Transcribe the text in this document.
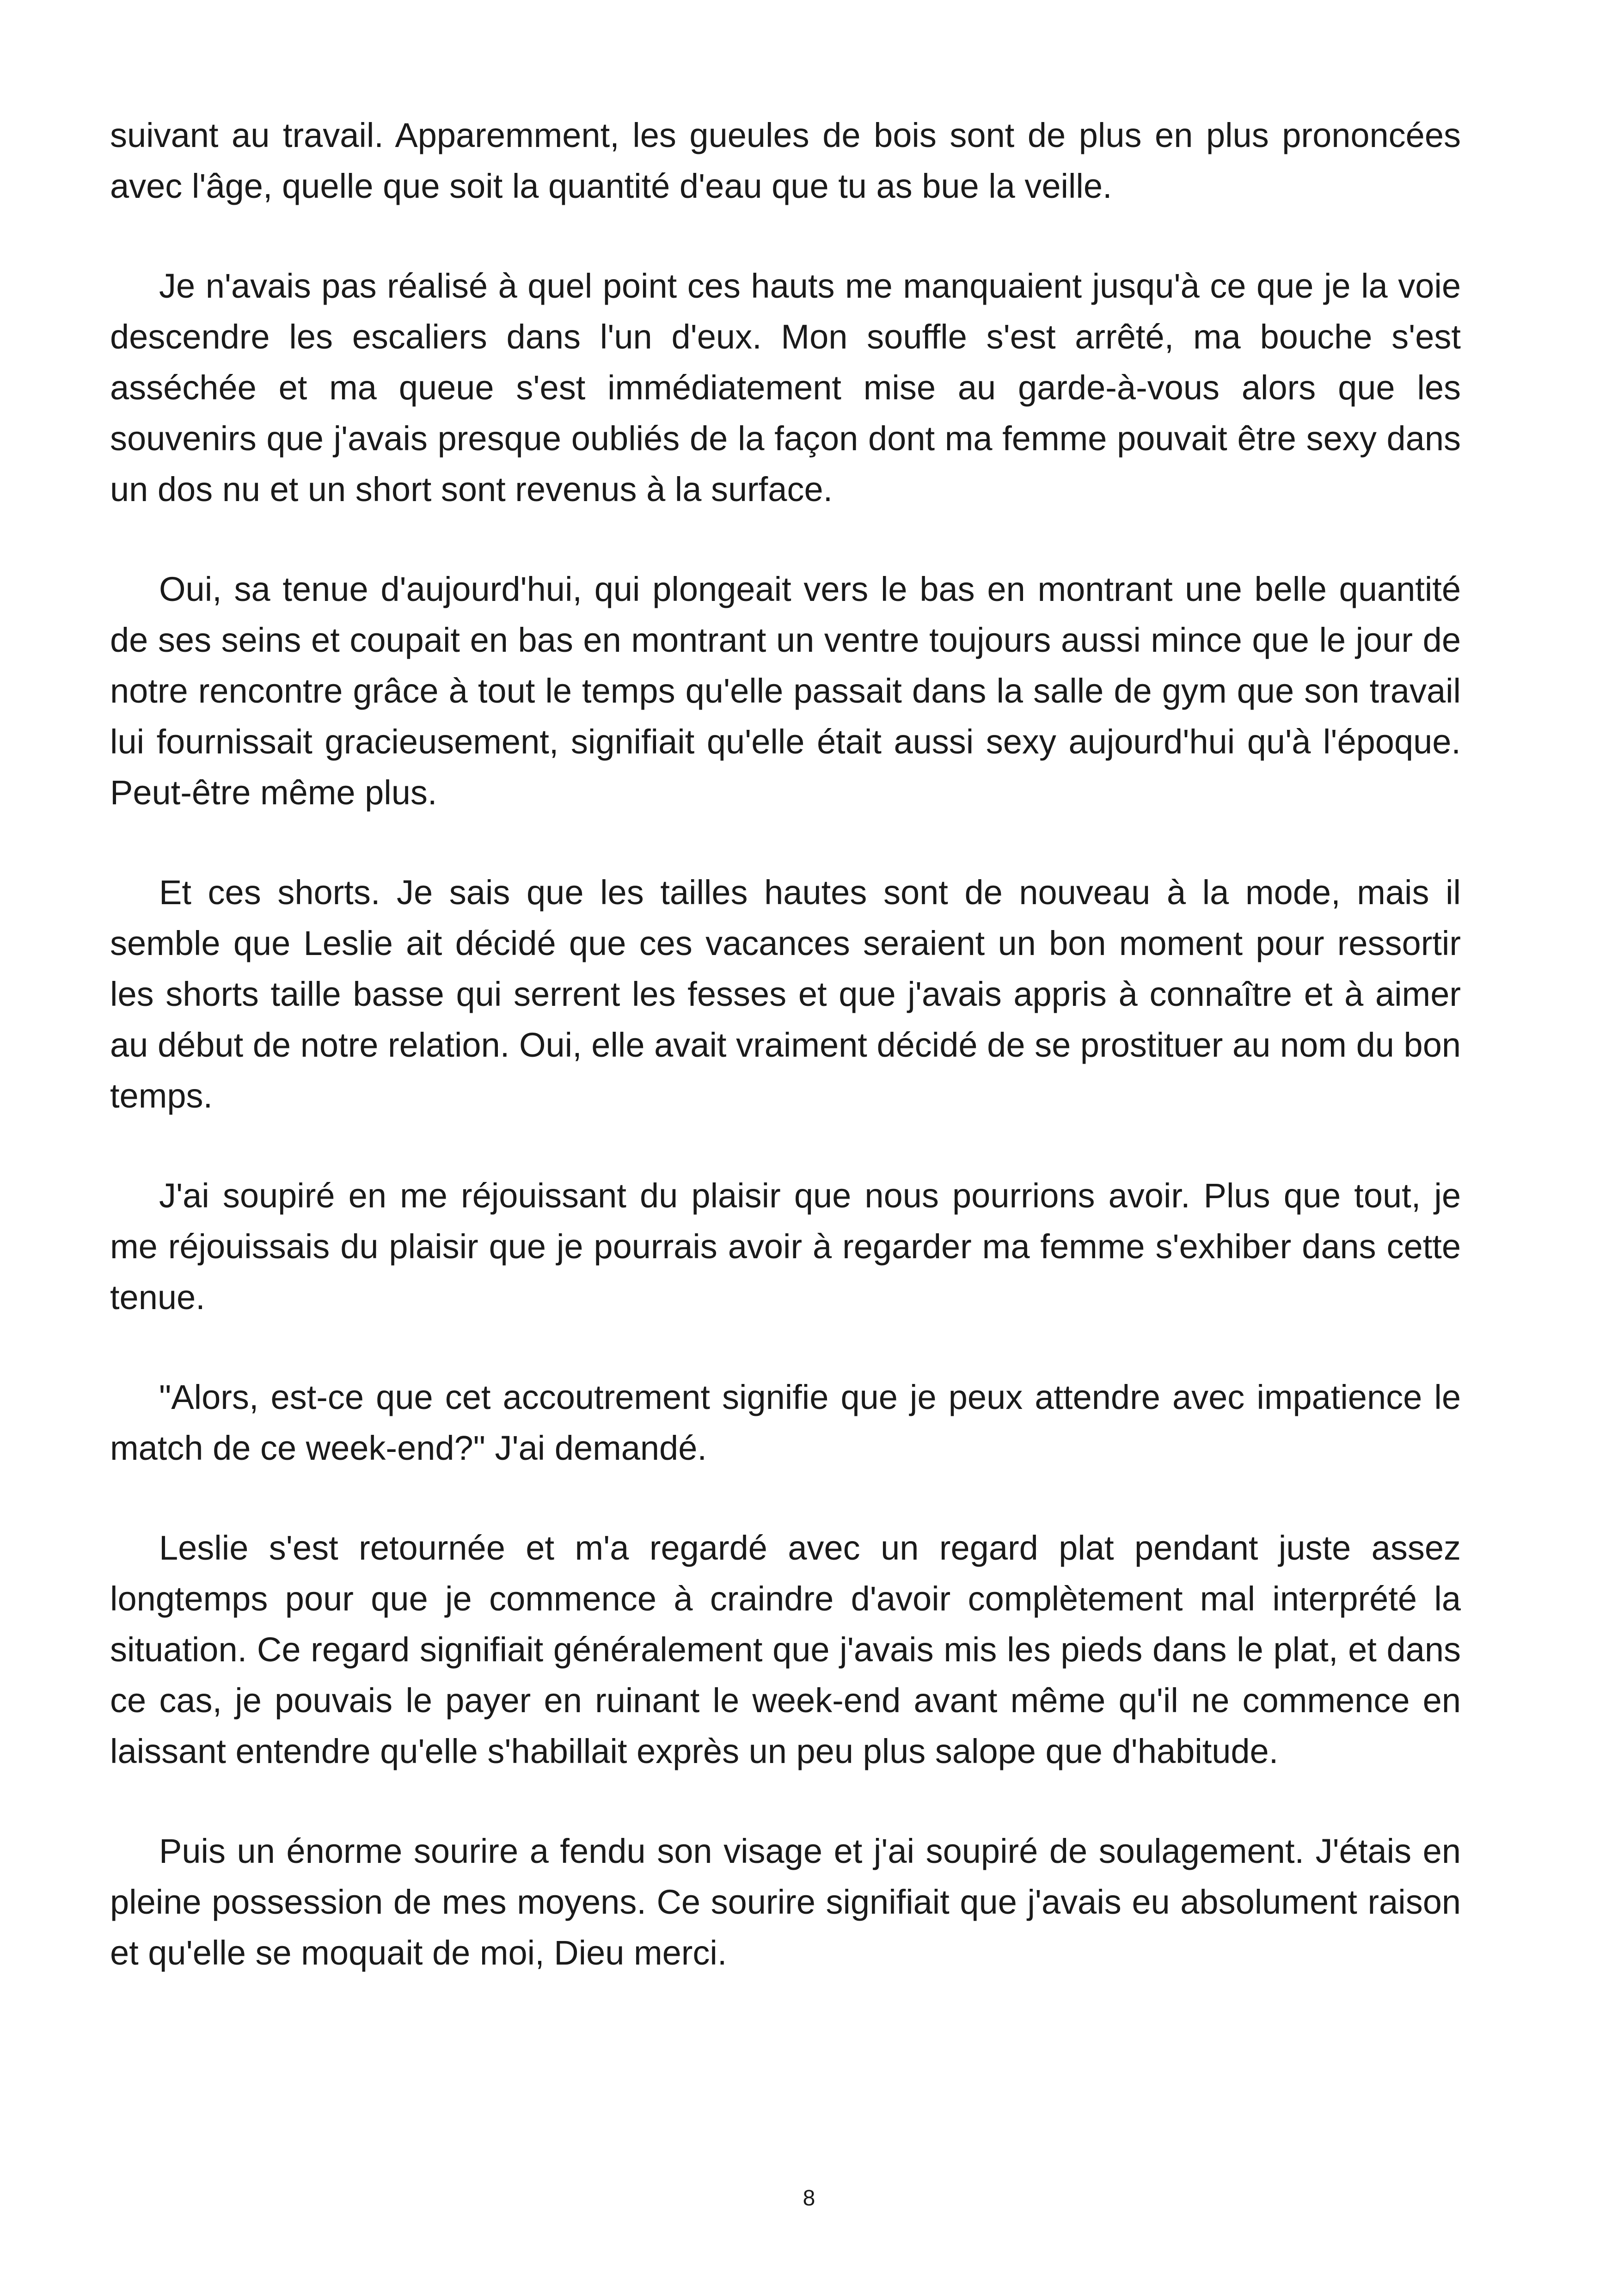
suivant au travail. Apparemment, les gueules de bois sont de plus en plus prononcées avec l'âge, quelle que soit la quantité d'eau que tu as bue la veille.

Je n'avais pas réalisé à quel point ces hauts me manquaient jusqu'à ce que je la voie descendre les escaliers dans l'un d'eux. Mon souffle s'est arrêté, ma bouche s'est asséchée et ma queue s'est immédiatement mise au garde-à-vous alors que les souvenirs que j'avais presque oubliés de la façon dont ma femme pouvait être sexy dans un dos nu et un short sont revenus à la surface.

Oui, sa tenue d'aujourd'hui, qui plongeait vers le bas en montrant une belle quantité de ses seins et coupait en bas en montrant un ventre toujours aussi mince que le jour de notre rencontre grâce à tout le temps qu'elle passait dans la salle de gym que son travail lui fournissait gracieusement, signifiait qu'elle était aussi sexy aujourd'hui qu'à l'époque. Peut-être même plus.

Et ces shorts. Je sais que les tailles hautes sont de nouveau à la mode, mais il semble que Leslie ait décidé que ces vacances seraient un bon moment pour ressortir les shorts taille basse qui serrent les fesses et que j'avais appris à connaître et à aimer au début de notre relation. Oui, elle avait vraiment décidé de se prostituer au nom du bon temps.

J'ai soupiré en me réjouissant du plaisir que nous pourrions avoir. Plus que tout, je me réjouissais du plaisir que je pourrais avoir à regarder ma femme s'exhiber dans cette tenue.

"Alors, est-ce que cet accoutrement signifie que je peux attendre avec impatience le match de ce week-end?" J'ai demandé.

Leslie s'est retournée et m'a regardé avec un regard plat pendant juste assez longtemps pour que je commence à craindre d'avoir complètement mal interprété la situation. Ce regard signifiait généralement que j'avais mis les pieds dans le plat, et dans ce cas, je pouvais le payer en ruinant le week-end avant même qu'il ne commence en laissant entendre qu'elle s'habillait exprès un peu plus salope que d'habitude.

Puis un énorme sourire a fendu son visage et j'ai soupiré de soulagement. J'étais en pleine possession de mes moyens. Ce sourire signifiait que j'avais eu absolument raison et qu'elle se moquait de moi, Dieu merci.

8
